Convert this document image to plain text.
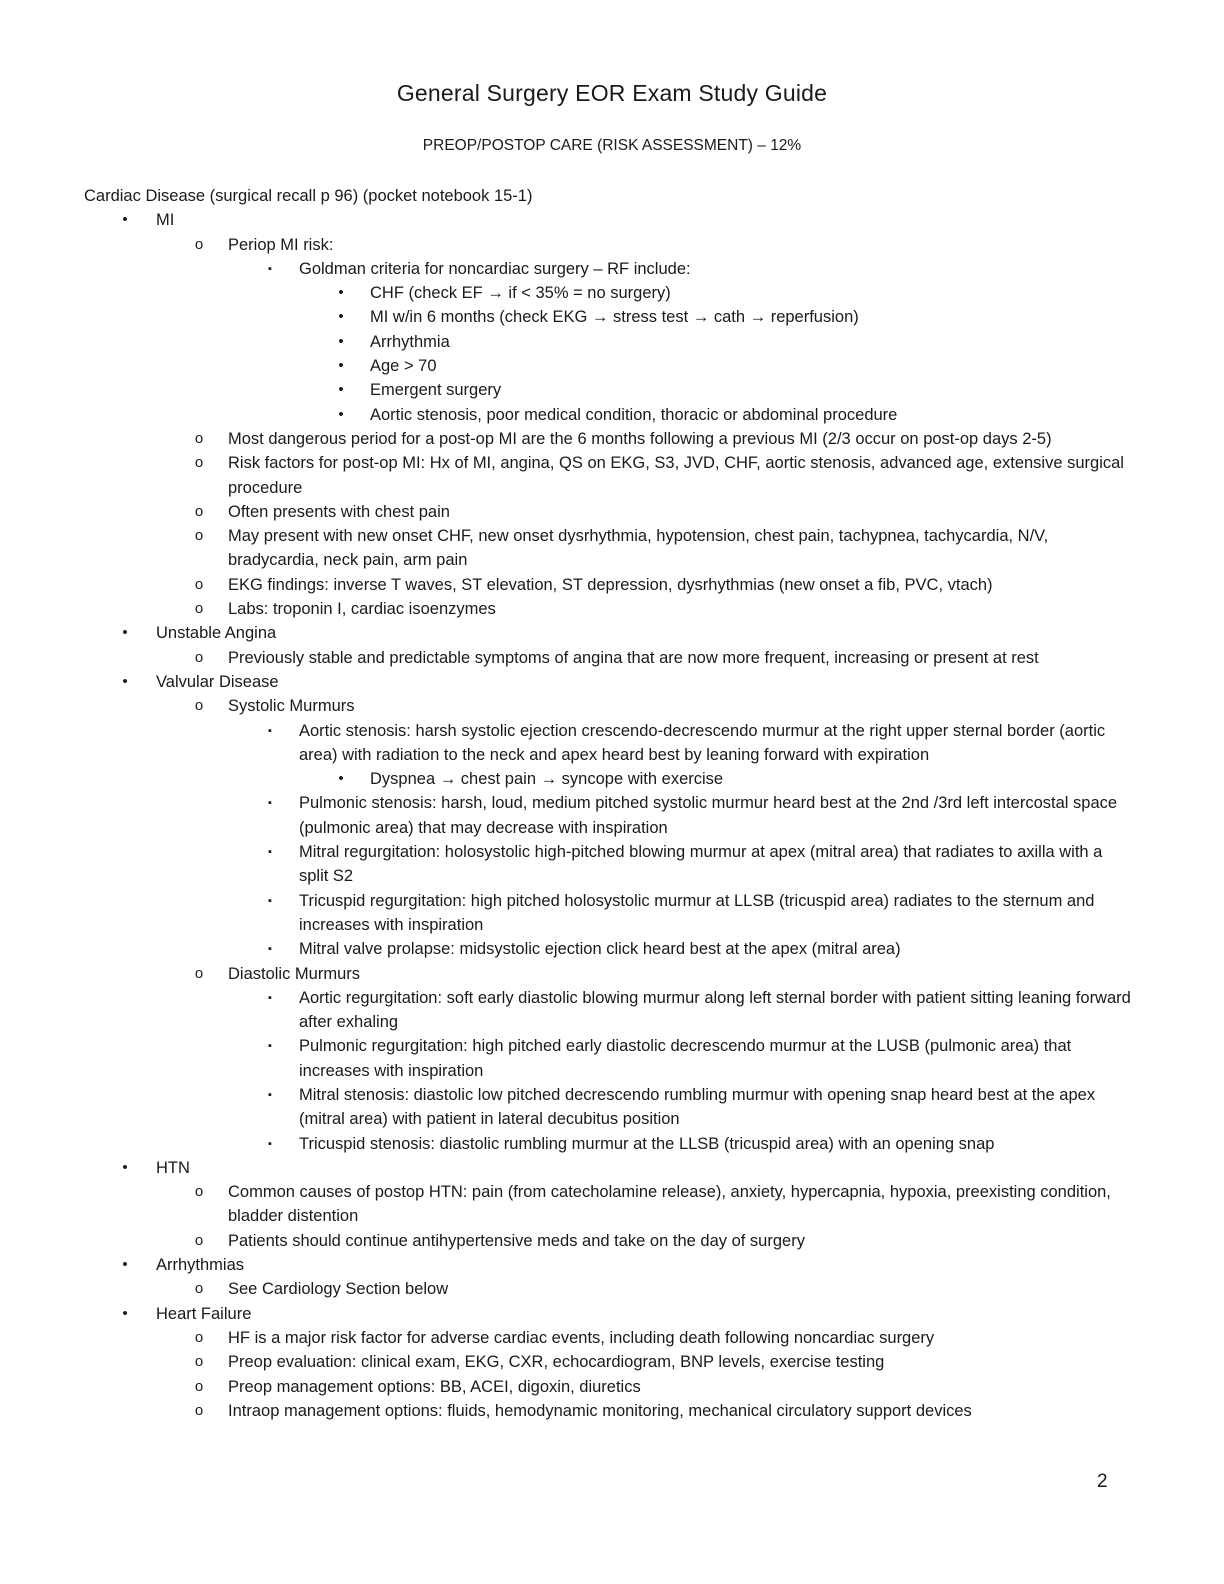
General Surgery EOR Exam Study Guide
PREOP/POSTOP CARE (RISK ASSESSMENT) – 12%
Cardiac Disease (surgical recall p 96) (pocket notebook 15-1)
• MI
o Periop MI risk:
▪	Goldman criteria for noncardiac surgery – RF include:
• CHF (check EF → if < 35% = no surgery)
• MI w/in 6 months (check EKG → stress test → cath → reperfusion)
• Arrhythmia
• Age > 70
• Emergent surgery
• Aortic stenosis, poor medical condition, thoracic or abdominal procedure
o Most dangerous period for a post-op MI are the 6 months following a previous MI (2/3 occur on post-op days 2-5)
o Risk factors for post-op MI: Hx of MI, angina, QS on EKG, S3, JVD, CHF, aortic stenosis, advanced age, extensive surgical procedure
o Often presents with chest pain
o May present with new onset CHF, new onset dysrhythmia, hypotension, chest pain, tachypnea, tachycardia, N/V, bradycardia, neck pain, arm pain
o EKG findings: inverse T waves, ST elevation, ST depression, dysrhythmias (new onset a fib, PVC, vtach)
o Labs: troponin I, cardiac isoenzymes
• Unstable Angina
o Previously stable and predictable symptoms of angina that are now more frequent, increasing or present at rest
• Valvular Disease
o Systolic Murmurs
▪	Aortic stenosis: harsh systolic ejection crescendo-decrescendo murmur at the right upper sternal border (aortic area) with radiation to the neck and apex heard best by leaning forward with expiration
• Dyspnea → chest pain → syncope with exercise
▪	Pulmonic stenosis: harsh, loud, medium pitched systolic murmur heard best at the 2nd /3rd left intercostal space (pulmonic area) that may decrease with inspiration
▪	Mitral regurgitation: holosystolic high-pitched blowing murmur at apex (mitral area) that radiates to axilla with a split S2
▪	Tricuspid regurgitation: high pitched holosystolic murmur at LLSB (tricuspid area) radiates to the sternum and increases with inspiration
▪	Mitral valve prolapse: midsystolic ejection click heard best at the apex (mitral area)
o Diastolic Murmurs
▪	Aortic regurgitation: soft early diastolic blowing murmur along left sternal border with patient sitting leaning forward after exhaling
▪	Pulmonic regurgitation: high pitched early diastolic decrescendo murmur at the LUSB (pulmonic area) that increases with inspiration
▪	Mitral stenosis: diastolic low pitched decrescendo rumbling murmur with opening snap heard best at the apex (mitral area) with patient in lateral decubitus position
▪	Tricuspid stenosis: diastolic rumbling murmur at the LLSB (tricuspid area) with an opening snap
• HTN
o Common causes of postop HTN: pain (from catecholamine release), anxiety, hypercapnia, hypoxia, preexisting condition, bladder distention
o Patients should continue antihypertensive meds and take on the day of surgery
• Arrhythmias
o See Cardiology Section below
• Heart Failure
o HF is a major risk factor for adverse cardiac events, including death following noncardiac surgery
o Preop evaluation: clinical exam, EKG, CXR, echocardiogram, BNP levels, exercise testing
o Preop management options: BB, ACEI, digoxin, diuretics
o Intraop management options: fluids, hemodynamic monitoring, mechanical circulatory support devices
2
